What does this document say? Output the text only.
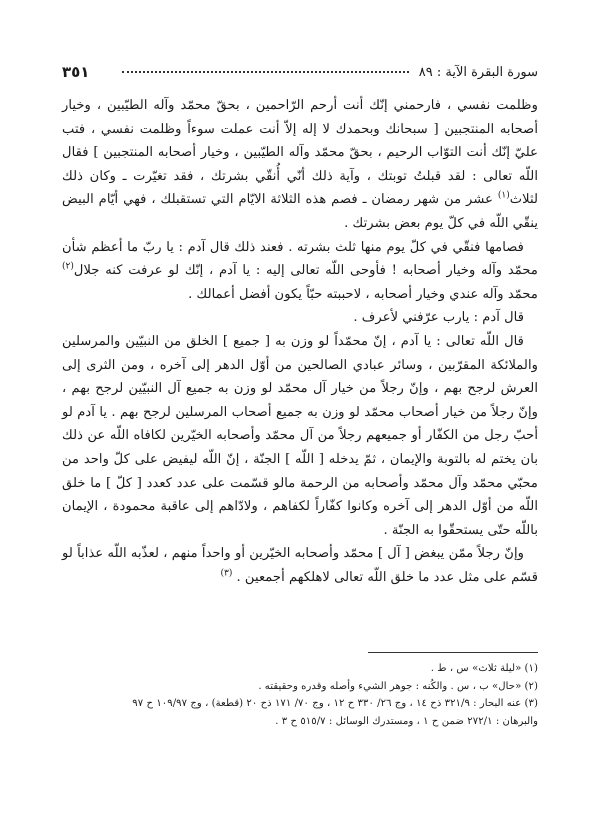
٣٥١	سورة البقرة الآية : ٨٩

وظلمت نفسي ، فارحمني إنّك أنت أرحم الرّاحمين ، بحقّ محمّد وآله الطيّبين ، وخيار أصحابه المنتجبين [ سبحانك وبحمدك لا إله إلاّ أنت عملت سوءاً وظلمت نفسي ، فتب عليّ إنّك أنت التوّاب الرحيم ، بحقّ محمّد وآله الطيّبين ، وخيار أصحابه المنتجبين ] فقال اللّه تعالى : لقد قبلتُ توبتك ، وآية ذلك أنّي أُنقّي بشرتك ، فقد تغيّرت ـ وكان ذلك لثلاث$^{(١)}$ عشر من شهر رمضان ـ فصم هذه الثلاثة الايّام التي تستقبلك ، فهي أيّام البيض ينقّي اللّه في كلّ يوم بعض بشرتك .

فصامها فنقّي في كلّ يوم منها ثلث بشرته . فعند ذلك قال آدم : يا ربّ ما أعظم شأن محمّد وآله وخيار أصحابه ! فأوحى اللّه تعالى إليه : يا آدم ، إنّك لو عرفت كنه جلال$^{(٢)}$ محمّد وآله عندي وخيار أصحابه ، لاحببته حبّاً يكون أفضل أعمالك .

قال آدم : يارب عرّفني لأعرف .

قال اللّه تعالى : يا آدم ، إنّ محمّداً لو وزن به [ جميع ] الخلق من النبيّين والمرسلين والملائكة المقرّبين ، وسائر عبادي الصالحين من أوّل الدهر إلى آخره ، ومن الثرى إلى العرش لرجح بهم ، وإنّ رجلاً من خيار آل محمّد لو وزن به جميع آل النبيّين لرجح بهم ، وإنّ رجلاً من خيار أصحاب محمّد لو وزن به جميع أصحاب المرسلين لرجح بهم . يا آدم لو أحبّ رجل من الكفّار أو جميعهم رجلاً من آل محمّد وأصحابه الخيّرين لكافاه اللّه عن ذلك بان يختم له بالتوبة والإيمان ، ثمّ يدخله [ اللّه ] الجنّة ، إنّ اللّه ليفيض على كلّ واحد من محبّي محمّد وآل محمّد وأصحابه من الرحمة مالو قسّمت على عدد كعدد [ كلّ ] ما خلق اللّه من أوّل الدهر إلى آخره وكانوا كفّاراً لكفاهم ، ولادّاهم إلى عاقبة محمودة ، الإيمان باللّه حتّى يستحقّوا به الجنّة .

وإنّ رجلاً ممّن يبغض [ آل ] محمّد وأصحابه الخيّرين أو واحداً منهم ، لعذّبه اللّه عذاباً لو قسّم على مثل عدد ما خلق اللّه تعالى لاهلكهم أجمعين . $^{(٣)}$

(١) «ليلة ثلاث» س ، ط .
(٢) «حال» ب ، س . والكُنه : جوهر الشيء وأصله وقدره وحقيقته .
(٣) عنه البحار : ٣٢١/٩ ذح ١٤ ، وج ٢٦/ ٣٣٠ ح ١٢ ، وج ٧٠/ ١٧١ ذح ٢٠ (قطعة) ، وج ١٠٩/٩٧ ح ٩٧
والبرهان : ٢٧٢/١ ضمن ح ١ ، ومستدرك الوسائل : ٥١٥/٧ ح ٣ .
